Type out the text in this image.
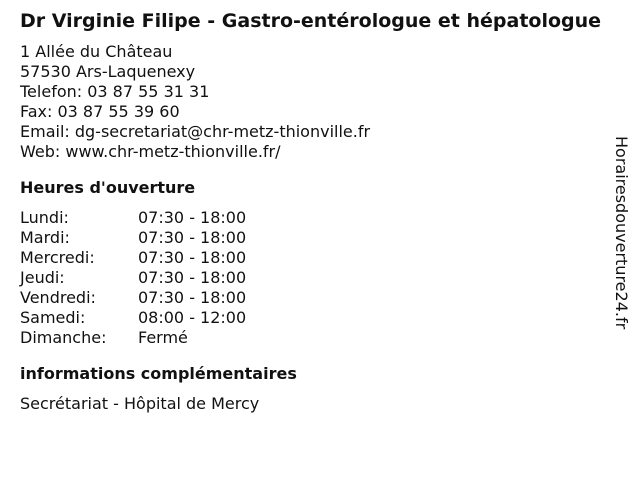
Dr Virginie Filipe - Gastro-entérologue et hépatologue
1 Allée du Château
57530 Ars-Laquenexy
Telefon: 03 87 55 31 31
Fax: 03 87 55 39 60
Email: dg-secretariat@chr-metz-thionville.fr
Web: www.chr-metz-thionville.fr/
Heures d'ouverture
Lundi:	07:30 - 18:00
Mardi:	07:30 - 18:00
Mercredi:	07:30 - 18:00
Jeudi:	07:30 - 18:00
Vendredi:	07:30 - 18:00
Samedi:	08:00 - 12:00
Dimanche:	Fermé
informations complémentaires
Secrétariat - Hôpital de Mercy
Horairesdouverture24.fr
